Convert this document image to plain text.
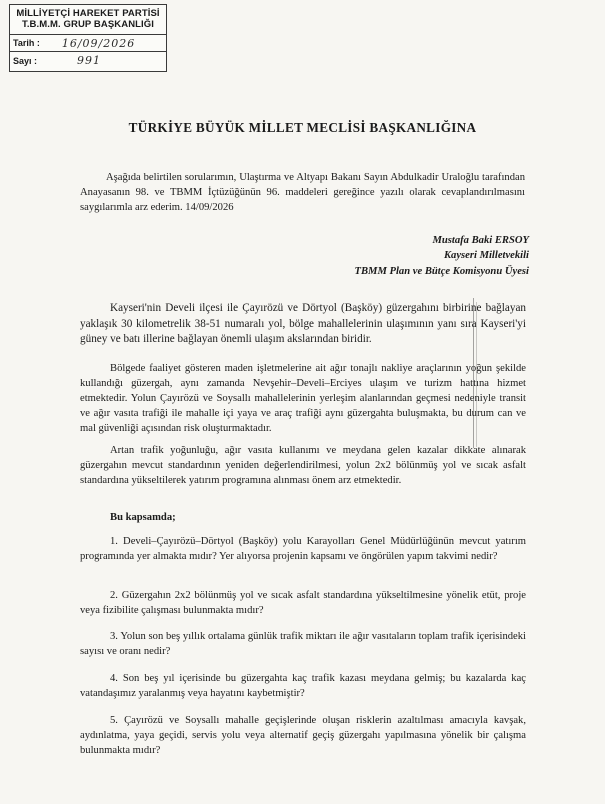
MİLLİYETÇİ HAREKET PARTİSİ
T.B.M.M. GRUP BAŞKANLIĞI
Tarih : 16/09/2026
Sayı :	991
TÜRKİYE BÜYÜK MİLLET MECLİSİ BAŞKANLIĞINA
Aşağıda belirtilen sorularımın, Ulaştırma ve Altyapı Bakanı Sayın Abdulkadir Uraloğlu tarafından Anayasanın 98. ve TBMM İçtüzüğünün 96. maddeleri gereğince yazılı olarak cevaplandırılmasını saygılarımla arz ederim. 14/09/2026
Mustafa Baki ERSOY
Kayseri Milletvekili
TBMM Plan ve Bütçe Komisyonu Üyesi
Kayseri'nin Develi ilçesi ile Çayırözü ve Dörtyol (Başköy) güzergahını birbirine bağlayan yaklaşık 30 kilometrelik 38-51 numaralı yol, bölge mahallelerinin ulaşımının yanı sıra Kayseri'yi güney ve batı illerine bağlayan önemli ulaşım akslarından biridir.
Bölgede faaliyet gösteren maden işletmelerine ait ağır tonajlı nakliye araçlarının yoğun şekilde kullandığı güzergah, aynı zamanda Nevşehir–Develi–Erciyes ulaşım ve turizm hattına hizmet etmektedir. Yolun Çayırözü ve Soysallı mahallelerinin yerleşim alanlarından geçmesi nedeniyle transit ve ağır vasıta trafiği ile mahalle içi yaya ve araç trafiği aynı güzergahta buluşmakta, bu durum can ve mal güvenliği açısından risk oluşturmaktadır.
Artan trafik yoğunluğu, ağır vasıta kullanımı ve meydana gelen kazalar dikkate alınarak güzergahın mevcut standardının yeniden değerlendirilmesi, yolun 2x2 bölünmüş yol ve sıcak asfalt standardına yükseltilerek yatırım programına alınması önem arz etmektedir.
Bu kapsamda;
1. Develi–Çayırözü–Dörtyol (Başköy) yolu Karayolları Genel Müdürlüğünün mevcut yatırım programında yer almakta mıdır? Yer alıyorsa projenin kapsamı ve öngörülen yapım takvimi nedir?
2. Güzergahın 2x2 bölünmüş yol ve sıcak asfalt standardına yükseltilmesine yönelik etüt, proje veya fizibilite çalışması bulunmakta mıdır?
3. Yolun son beş yıllık ortalama günlük trafik miktarı ile ağır vasıtaların toplam trafik içerisindeki sayısı ve oranı nedir?
4. Son beş yıl içerisinde bu güzergahta kaç trafik kazası meydana gelmiş; bu kazalarda kaç vatandaşımız yaralanmış veya hayatını kaybetmiştir?
5. Çayırözü ve Soysallı mahalle geçişlerinde oluşan risklerin azaltılması amacıyla kavşak, aydınlatma, yaya geçidi, servis yolu veya alternatif geçiş güzergahı yapılmasına yönelik bir çalışma bulunmakta mıdır?
